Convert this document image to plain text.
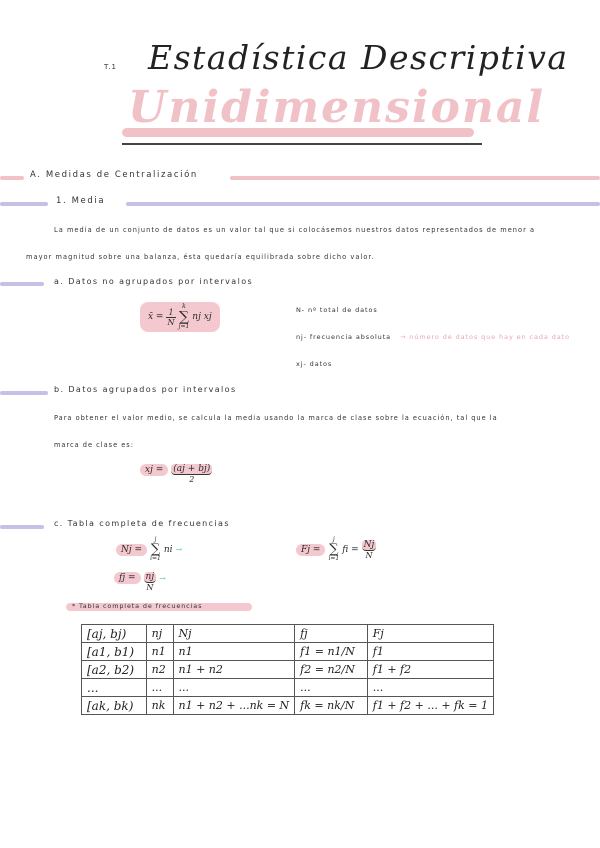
T.1 Estadística Descriptiva
Unidimensional
A. Medidas de Centralización
1. Media
La media de un conjunto de datos es un valor tal que si colocásemos nuestros datos representados de menor a
mayor magnitud sobre una balanza, ésta quedaría equilibrada sobre dicho valor.
a. Datos no agrupados por intervalos
x̄ = $\frac{1}{N}$
k
∑
j=1
nj xj
N- nº total de datos
nj- frecuencia absoluta → número de datos que hay en cada dato
xj- datos
b. Datos agrupados por intervalos
Para obtener el valor medio, se calcula la media usando la marca de clase sobre la ecuación, tal que la
marca de clase es:
xj = $\frac{(aj + bj)}{2}$
c. Tabla completa de frecuencias
Nj =
j
∑
i=1
ni →	Fj =
j
∑
i=1
fi = $\frac{Nj}{N}$
fj = $\frac{nj}{N}$ →
* Tabla completa de frecuencias
[aj, bj)	nj	Nj	fj	Fj
[a1, b1)	n1	n1	f1 = n1/N	f1
[a2, b2)	n2	n1 + n2	f2 = n2/N	f1 + f2
...	...	...	...	...
[ak, bk)	nk	n1 + n2 + ...nk = N	fk = nk/N	f1 + f2 + ... + fk = 1
